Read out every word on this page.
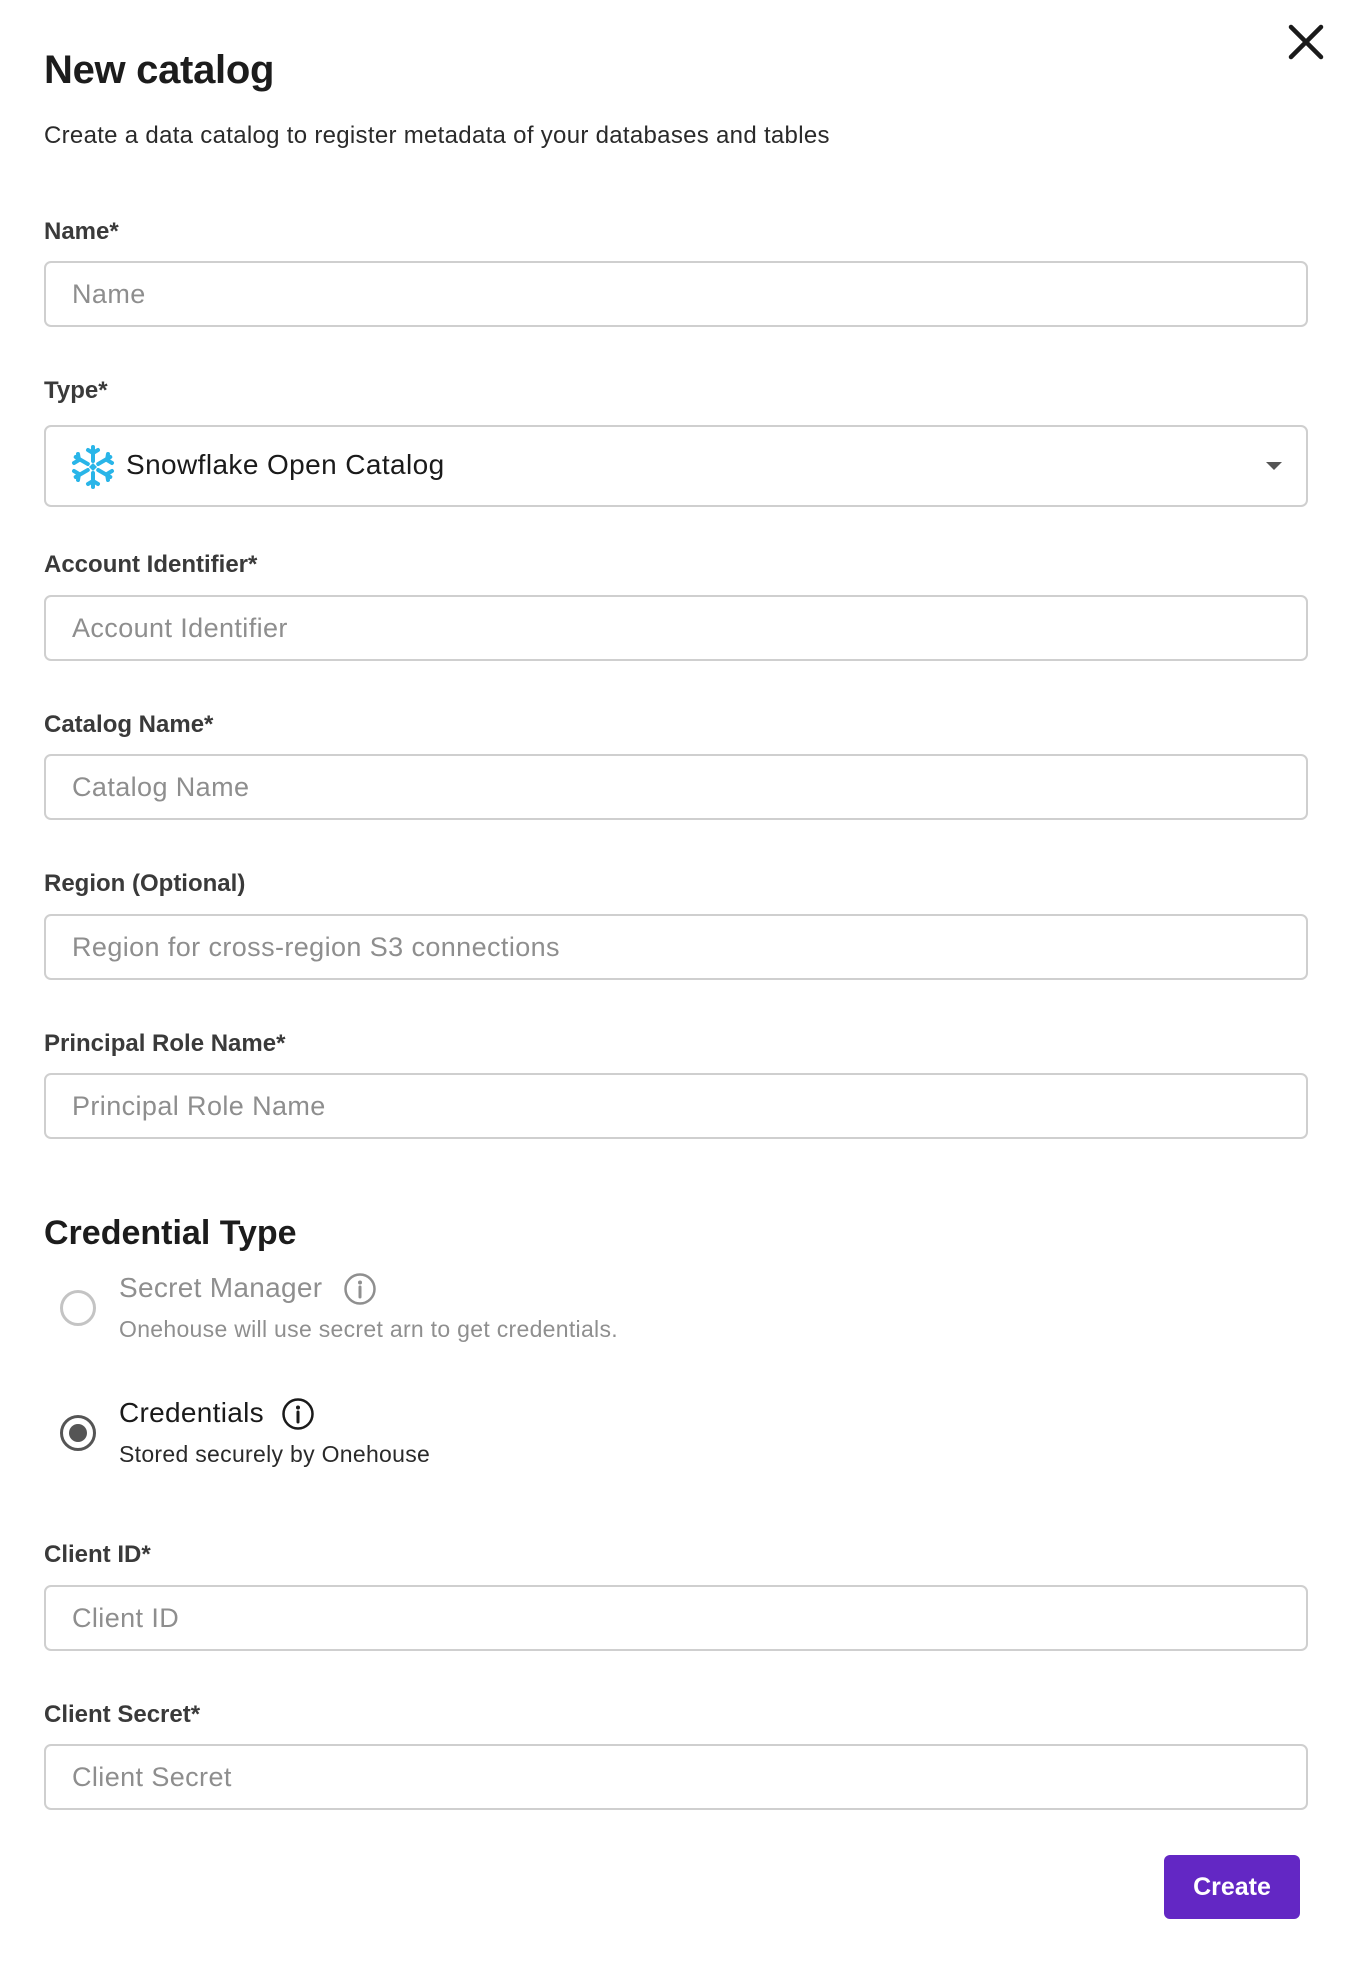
New catalog
Create a data catalog to register metadata of your databases and tables
Name*
Name
Type*
Snowflake Open Catalog
Account Identifier*
Account Identifier
Catalog Name*
Catalog Name
Region (Optional)
Region for cross-region S3 connections
Principal Role Name*
Principal Role Name
Credential Type
Secret Manager
Onehouse will use secret arn to get credentials.
Credentials
Stored securely by Onehouse
Client ID*
Client ID
Client Secret*
Client Secret
Create
